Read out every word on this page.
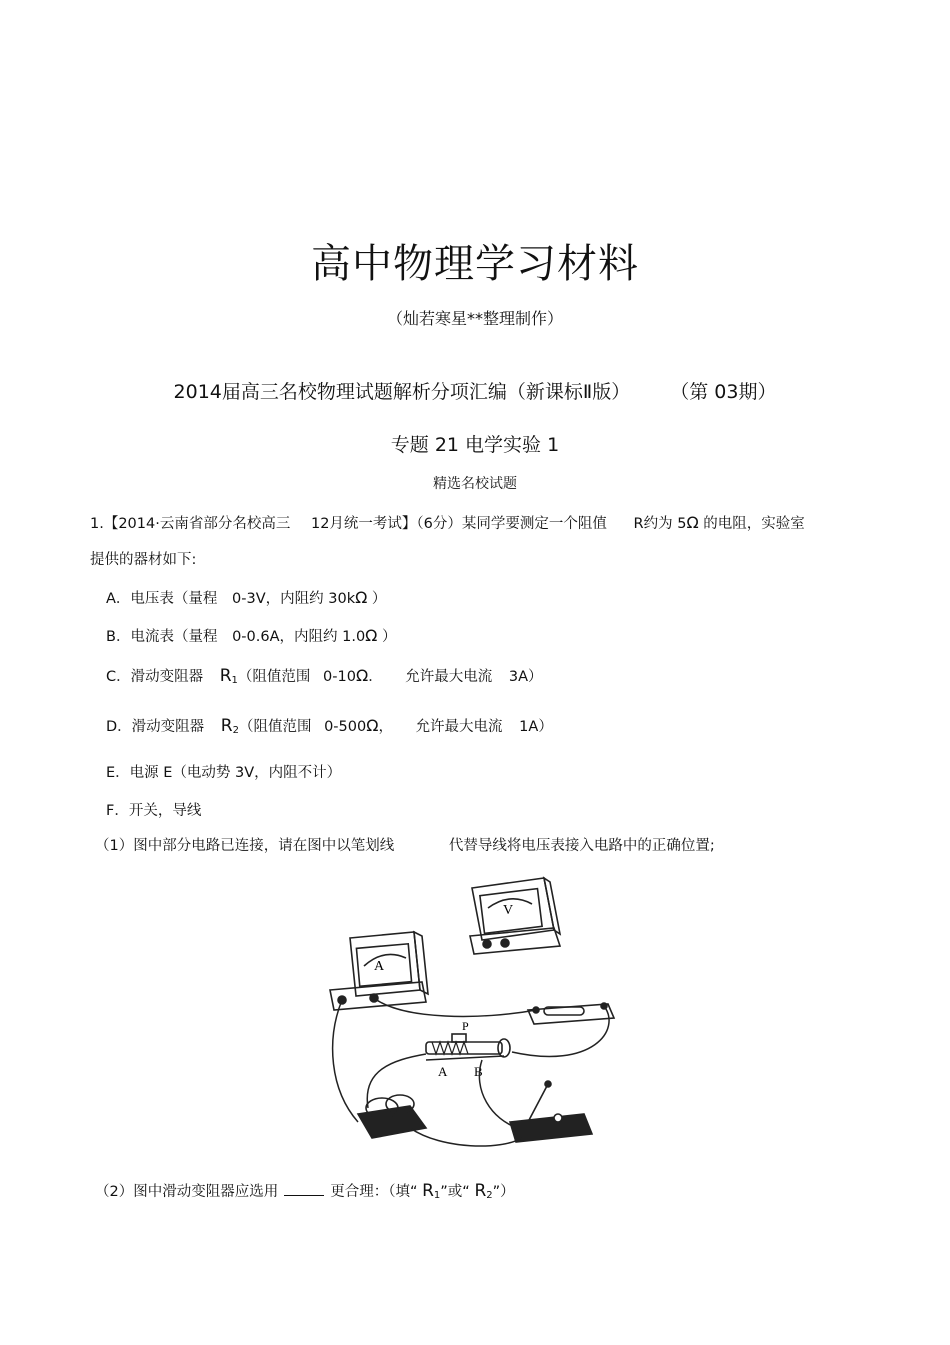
高中物理学习材料
（灿若寒星**整理制作）
2014届高三名校物理试题解析分项汇编（新课标Ⅱ版） （第 03期）
专题 21 电学实验 1
精选名校试题
1.【2014·云南省部分名校高三 12月统一考试】（6分）某同学要测定一个阻值 R约为 5Ω 的电阻，实验室
提供的器材如下:
A．电压表（量程 0-3V，内阻约 30kΩ ）
B．电流表（量程 0-0.6A，内阻约 1.0Ω ）
C．滑动变阻器 $R_1$（阻值范围 0-10Ω． 允许最大电流 3A）
D．滑动变阻器 $R_2$（阻值范围 0-500Ω， 允许最大电流 1A）
E．电源 E（电动势 3V，内阻不计）
F．开关，导线
（1）图中部分电路已连接，请在图中以笔划线	代替导线将电压表接入电路中的正确位置;
V
A
P
A B
（2）图中滑动变阻器应选用	更合理：（填“ $R_1$”或“ $R_2$”）
